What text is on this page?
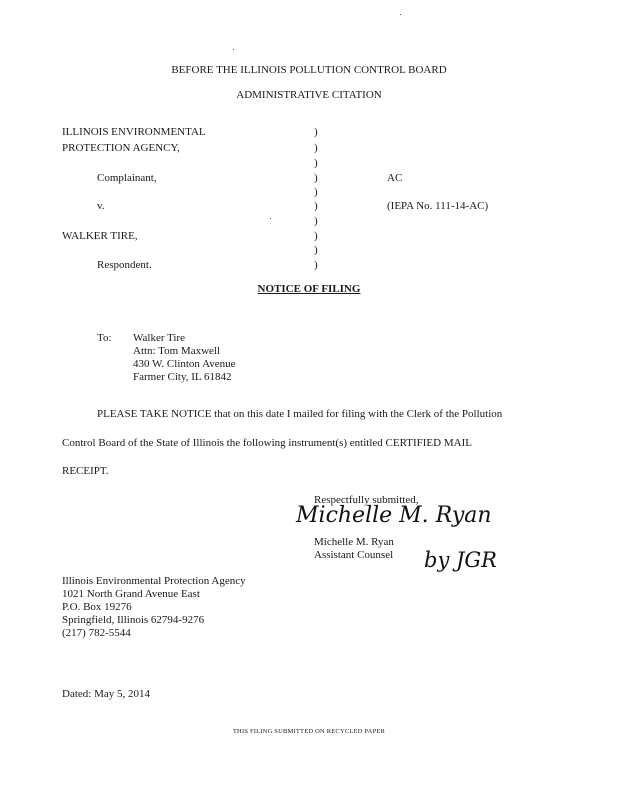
BEFORE THE ILLINOIS POLLUTION CONTROL BOARD
ADMINISTRATIVE CITATION
ILLINOIS ENVIRONMENTAL
PROTECTION AGENCY,
Complainant,
v.
WALKER TIRE,
Respondent.
)
)
)
)
)
)
)
)
)
)
AC
(IEPA No. 111-14-AC)
NOTICE OF FILING
To: Walker Tire
Attn: Tom Maxwell
430 W. Clinton Avenue
Farmer City, IL 61842
PLEASE TAKE NOTICE that on this date I mailed for filing with the Clerk of the Pollution
Control Board of the State of Illinois the following instrument(s) entitled CERTIFIED MAIL
RECEIPT.
Respectfully submitted,
Michelle M. Ryan
Michelle M. Ryan
Assistant Counsel by JGR
Illinois Environmental Protection Agency
1021 North Grand Avenue East
P.O. Box 19276
Springfield, Illinois 62794-9276
(217) 782-5544
Dated: May 5, 2014
THIS FILING SUBMITTED ON RECYCLED PAPER
